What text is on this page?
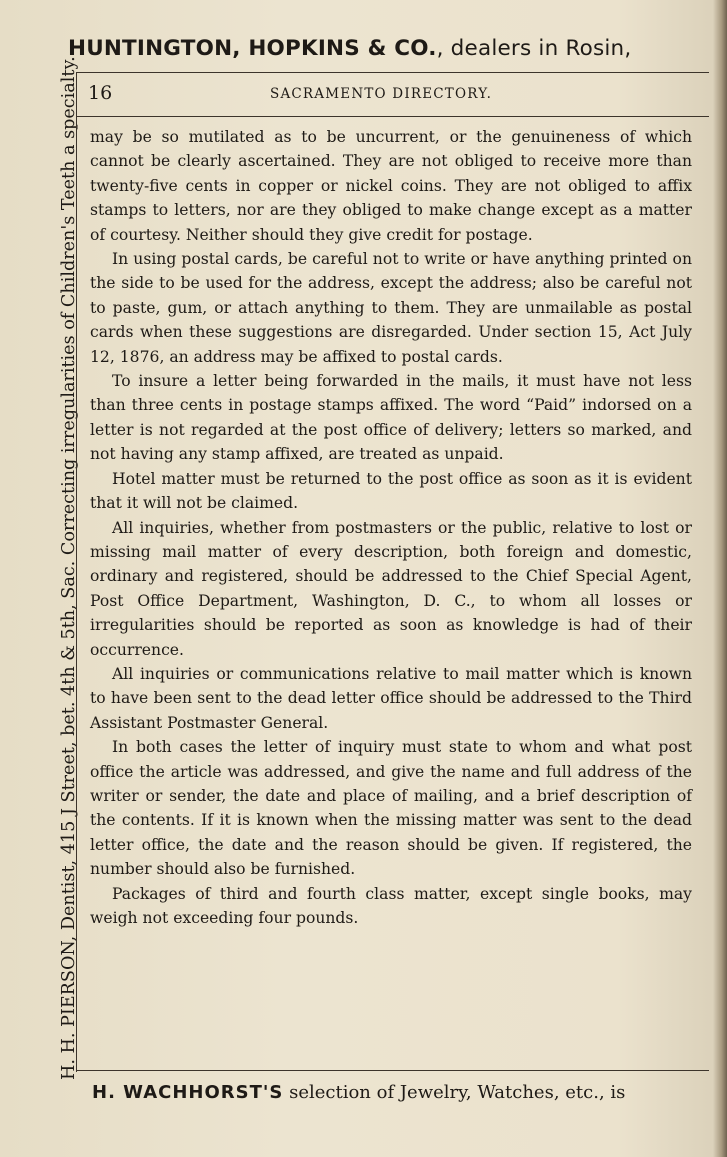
HUNTINGTON, HOPKINS & CO., dealers in Rosin,
H. H. PIERSON, Dentist, 415 J Street, bet. 4th & 5th, Sac. Correcting irregularities of Children's Teeth a specialty. 16	SACRAMENTO DIRECTORY.

may be so mutilated as to be uncurrent, or the genuineness of which cannot be clearly ascertained. They are not obliged to receive more than twenty-five cents in copper or nickel coins. They are not obliged to affix stamps to letters, nor are they obliged to make change except as a matter of courtesy. Neither should they give credit for postage.

In using postal cards, be careful not to write or have anything printed on the side to be used for the address, except the address; also be careful not to paste, gum, or attach anything to them. They are unmailable as postal cards when these suggestions are disregarded. Under section 15, Act July 12, 1876, an address may be affixed to postal cards.

To insure a letter being forwarded in the mails, it must have not less than three cents in postage stamps affixed. The word “Paid” indorsed on a letter is not regarded at the post office of delivery; letters so marked, and not having any stamp affixed, are treated as unpaid.

Hotel matter must be returned to the post office as soon as it is evident that it will not be claimed.

All inquiries, whether from postmasters or the public, relative to lost or missing mail matter of every description, both foreign and domestic, ordinary and registered, should be addressed to the Chief Special Agent, Post Office Department, Washington, D. C., to whom all losses or irregularities should be reported as soon as knowledge is had of their occurrence.

All inquiries or communications relative to mail matter which is known to have been sent to the dead letter office should be addressed to the Third Assistant Postmaster General.

In both cases the letter of inquiry must state to whom and what post office the article was addressed, and give the name and full address of the writer or sender, the date and place of mailing, and a brief description of the contents. If it is known when the missing matter was sent to the dead letter office, the date and the reason should be given. If registered, the number should also be furnished.

Packages of third and fourth class matter, except single books, may weigh not exceeding four pounds.

H. WACHHORST'S selection of Jewelry, Watches, etc., is
